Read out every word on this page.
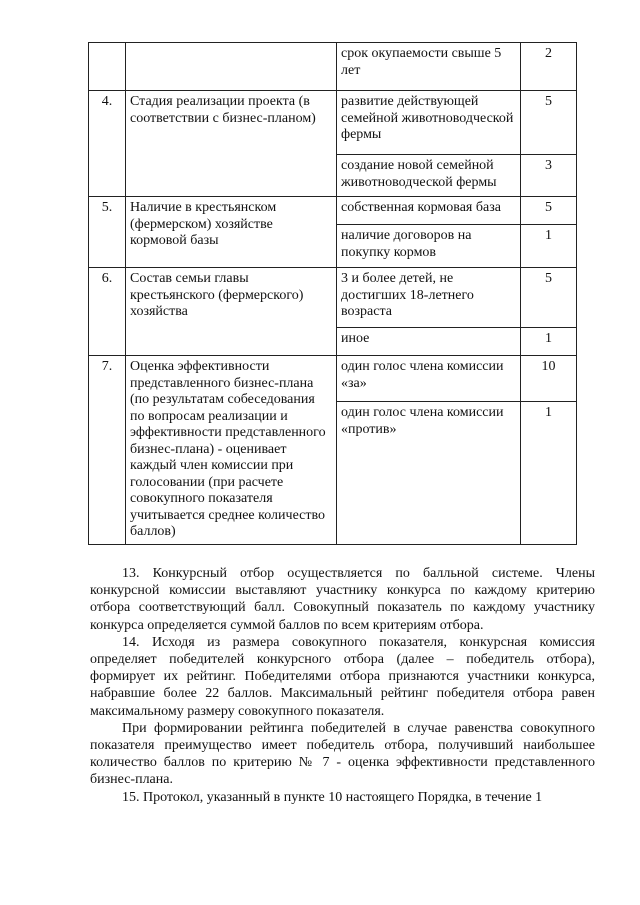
		срок окупаемости свыше 5 лет	2
4.	Стадия реализации проекта (в соответствии с бизнес-планом)	развитие действующей семейной животноводческой фермы	5
		создание новой семейной животноводческой фермы	3
5.	Наличие в крестьянском (фермерском) хозяйстве кормовой базы	собственная кормовая база	5
		наличие договоров на покупку кормов	1
6.	Состав семьи главы крестьянского (фермерского) хозяйства	3 и более детей, не достигших 18-летнего возраста	5
		иное	1
7.	Оценка эффективности представленного бизнес-плана (по результатам собеседования по вопросам реализации и эффективности представленного бизнес-плана) - оценивает каждый член комиссии при голосовании (при расчете совокупного показателя учитывается среднее количество баллов)	один голос члена комиссии «за»	10
		один голос члена комиссии «против»	1

13. Конкурсный отбор осуществляется по балльной системе. Члены конкурсной комиссии выставляют участнику конкурса по каждому критерию отбора соответствующий балл. Совокупный показатель по каждому участнику конкурса определяется суммой баллов по всем критериям отбора.

14. Исходя из размера совокупного показателя, конкурсная комиссия определяет победителей конкурсного отбора (далее – победитель отбора), формирует их рейтинг. Победителями отбора признаются участники конкурса, набравшие более 22 баллов. Максимальный рейтинг победителя отбора равен максимальному размеру совокупного показателя.

При формировании рейтинга победителей в случае равенства совокупного показателя преимущество имеет победитель отбора, получивший наибольшее количество баллов по критерию № 7 - оценка эффективности представленного бизнес-плана.

15. Протокол, указанный в пункте 10 настоящего Порядка, в течение 1
